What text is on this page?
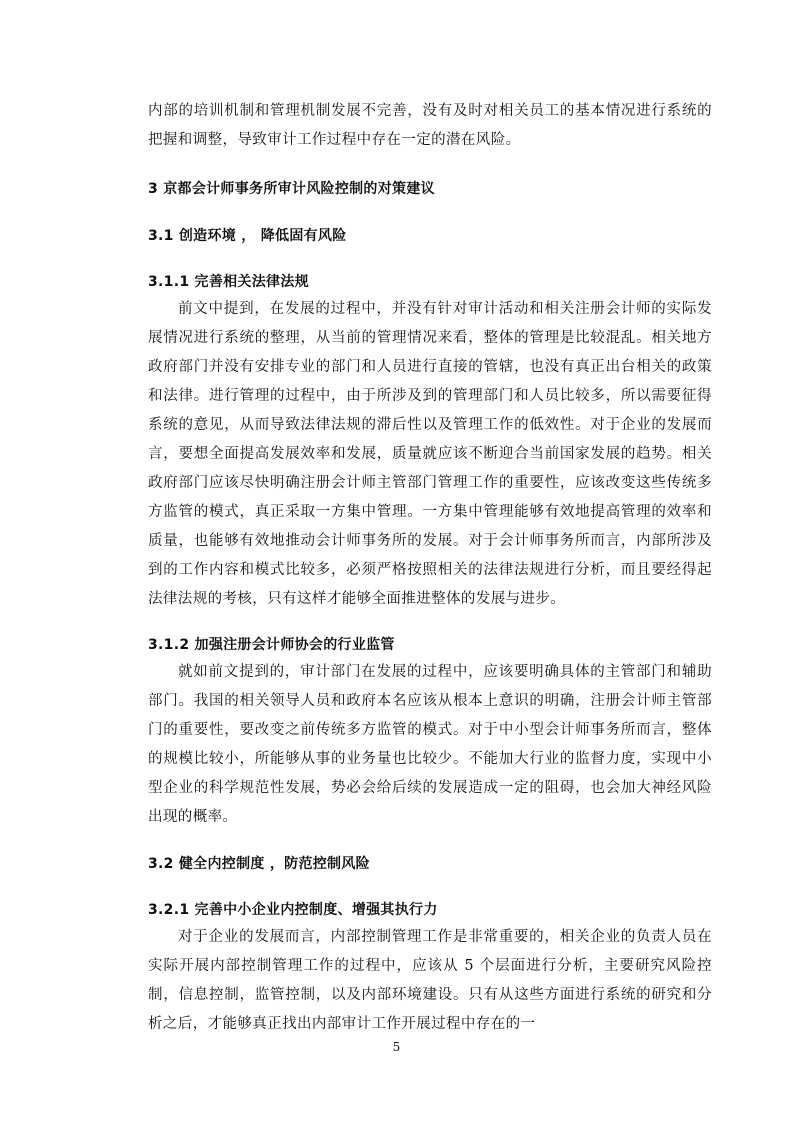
内部的培训机制和管理机制发展不完善，没有及时对相关员工的基本情况进行系统的把握和调整，导致审计工作过程中存在一定的潜在风险。

3 京都会计师事务所审计风险控制的对策建议
3.1 创造环境 ， 降低固有风险
3.1.1 完善相关法律法规

前文中提到，在发展的过程中，并没有针对审计活动和相关注册会计师的实际发展情况进行系统的整理，从当前的管理情况来看，整体的管理是比较混乱。相关地方政府部门并没有安排专业的部门和人员进行直接的管辖，也没有真正出台相关的政策和法律。进行管理的过程中，由于所涉及到的管理部门和人员比较多，所以需要征得系统的意见，从而导致法律法规的滞后性以及管理工作的低效性。对于企业的发展而言，要想全面提高发展效率和发展，质量就应该不断迎合当前国家发展的趋势。相关政府部门应该尽快明确注册会计师主管部门管理工作的重要性，应该改变这些传统多方监管的模式，真正采取一方集中管理。一方集中管理能够有效地提高管理的效率和质量，也能够有效地推动会计师事务所的发展。对于会计师事务所而言，内部所涉及到的工作内容和模式比较多，必须严格按照相关的法律法规进行分析，而且要经得起法律法规的考核，只有这样才能够全面推进整体的发展与进步。

3.1.2 加强注册会计师协会的行业监管

就如前文提到的，审计部门在发展的过程中，应该要明确具体的主管部门和辅助部门。我国的相关领导人员和政府本名应该从根本上意识的明确，注册会计师主管部门的重要性，要改变之前传统多方监管的模式。对于中小型会计师事务所而言，整体的规模比较小，所能够从事的业务量也比较少。不能加大行业的监督力度，实现中小型企业的科学规范性发展，势必会给后续的发展造成一定的阻碍，也会加大神经风险出现的概率。

3.2 健全内控制度 ，防范控制风险
3.2.1 完善中小企业内控制度、增强其执行力

对于企业的发展而言，内部控制管理工作是非常重要的，相关企业的负责人员在实际开展内部控制管理工作的过程中，应该从 5 个层面进行分析，主要研究风险控制，信息控制，监管控制，以及内部环境建设。只有从这些方面进行系统的研究和分析之后，才能够真正找出内部审计工作开展过程中存在的一

5
